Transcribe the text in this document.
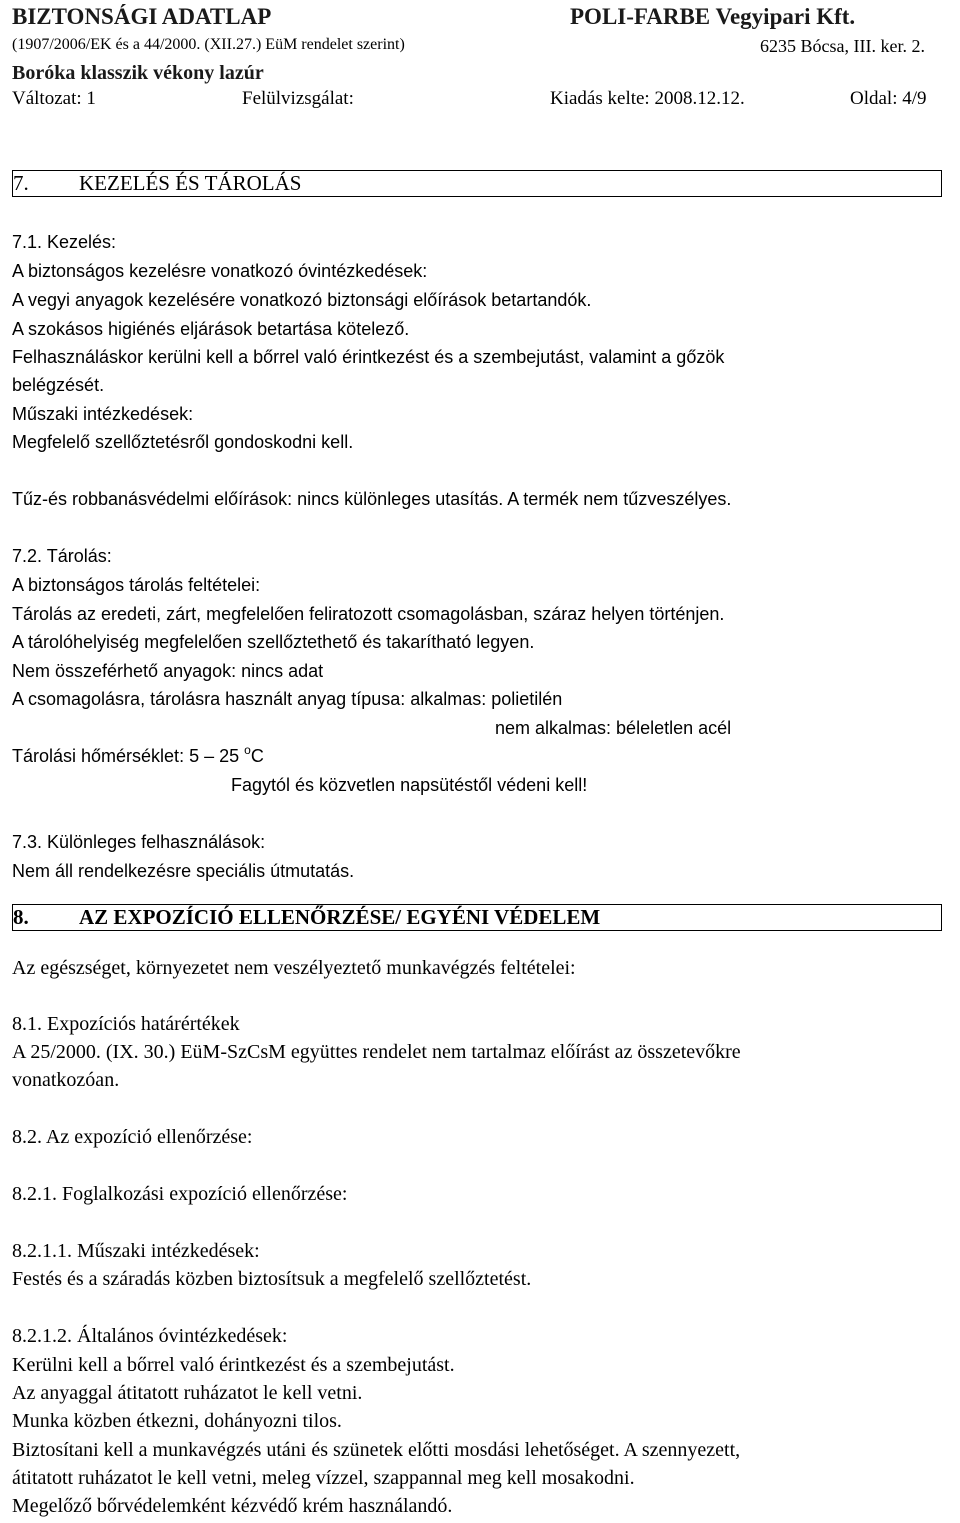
BIZTONSÁGI ADATLAP	POLI-FARBE Vegyipari Kft.
(1907/2006/EK és a 44/2000. (XII.27.) EüM rendelet szerint)	6235 Bócsa, III. ker. 2.
Boróka klasszik vékony lazúr
Változat: 1	Felülvizsgálat:	Kiadás kelte: 2008.12.12.	Oldal: 4/9
7. KEZELÉS ÉS TÁROLÁS
7.1. Kezelés:
A biztonságos kezelésre vonatkozó óvintézkedések:
A vegyi anyagok kezelésére vonatkozó biztonsági előírások betartandók.
A szokásos higiénés eljárások betartása kötelező.
Felhasználáskor kerülni kell a bőrrel való érintkezést és a szembejutást, valamint a gőzök
belégzését.
Műszaki intézkedések:
Megfelelő szellőztetésről gondoskodni kell.
Tűz-és robbanásvédelmi előírások: nincs különleges utasítás. A termék nem tűzveszélyes.
7.2. Tárolás:
A biztonságos tárolás feltételei:
Tárolás az eredeti, zárt, megfelelően feliratozott csomagolásban, száraz helyen történjen.
A tárolóhelyiség megfelelően szellőztethető és takarítható legyen.
Nem összeférhető anyagok: nincs adat
A csomagolásra, tárolásra használt anyag típusa: alkalmas: polietilén
nem alkalmas: béleletlen acél
Tárolási hőmérséklet: 5 – 25 $^o$C
Fagytól és közvetlen napsütéstől védeni kell!
7.3. Különleges felhasználások:
Nem áll rendelkezésre speciális útmutatás.
8. AZ EXPOZÍCIÓ ELLENŐRZÉSE/ EGYÉNI VÉDELEM
Az egészséget, környezetet nem veszélyeztető munkavégzés feltételei:
8.1. Expozíciós határértékek
A 25/2000. (IX. 30.) EüM-SzCsM együttes rendelet nem tartalmaz előírást az összetevőkre
vonatkozóan.
8.2. Az expozíció ellenőrzése:
8.2.1. Foglalkozási expozíció ellenőrzése:
8.2.1.1. Műszaki intézkedések:
Festés és a száradás közben biztosítsuk a megfelelő szellőztetést.
8.2.1.2. Általános óvintézkedések:
Kerülni kell a bőrrel való érintkezést és a szembejutást.
Az anyaggal átitatott ruházatot le kell vetni.
Munka közben étkezni, dohányozni tilos.
Biztosítani kell a munkavégzés utáni és szünetek előtti mosdási lehetőséget. A szennyezett,
átitatott ruházatot le kell vetni, meleg vízzel, szappannal meg kell mosakodni.
Megelőző bőrvédelemként kézvédő krém használandó.
